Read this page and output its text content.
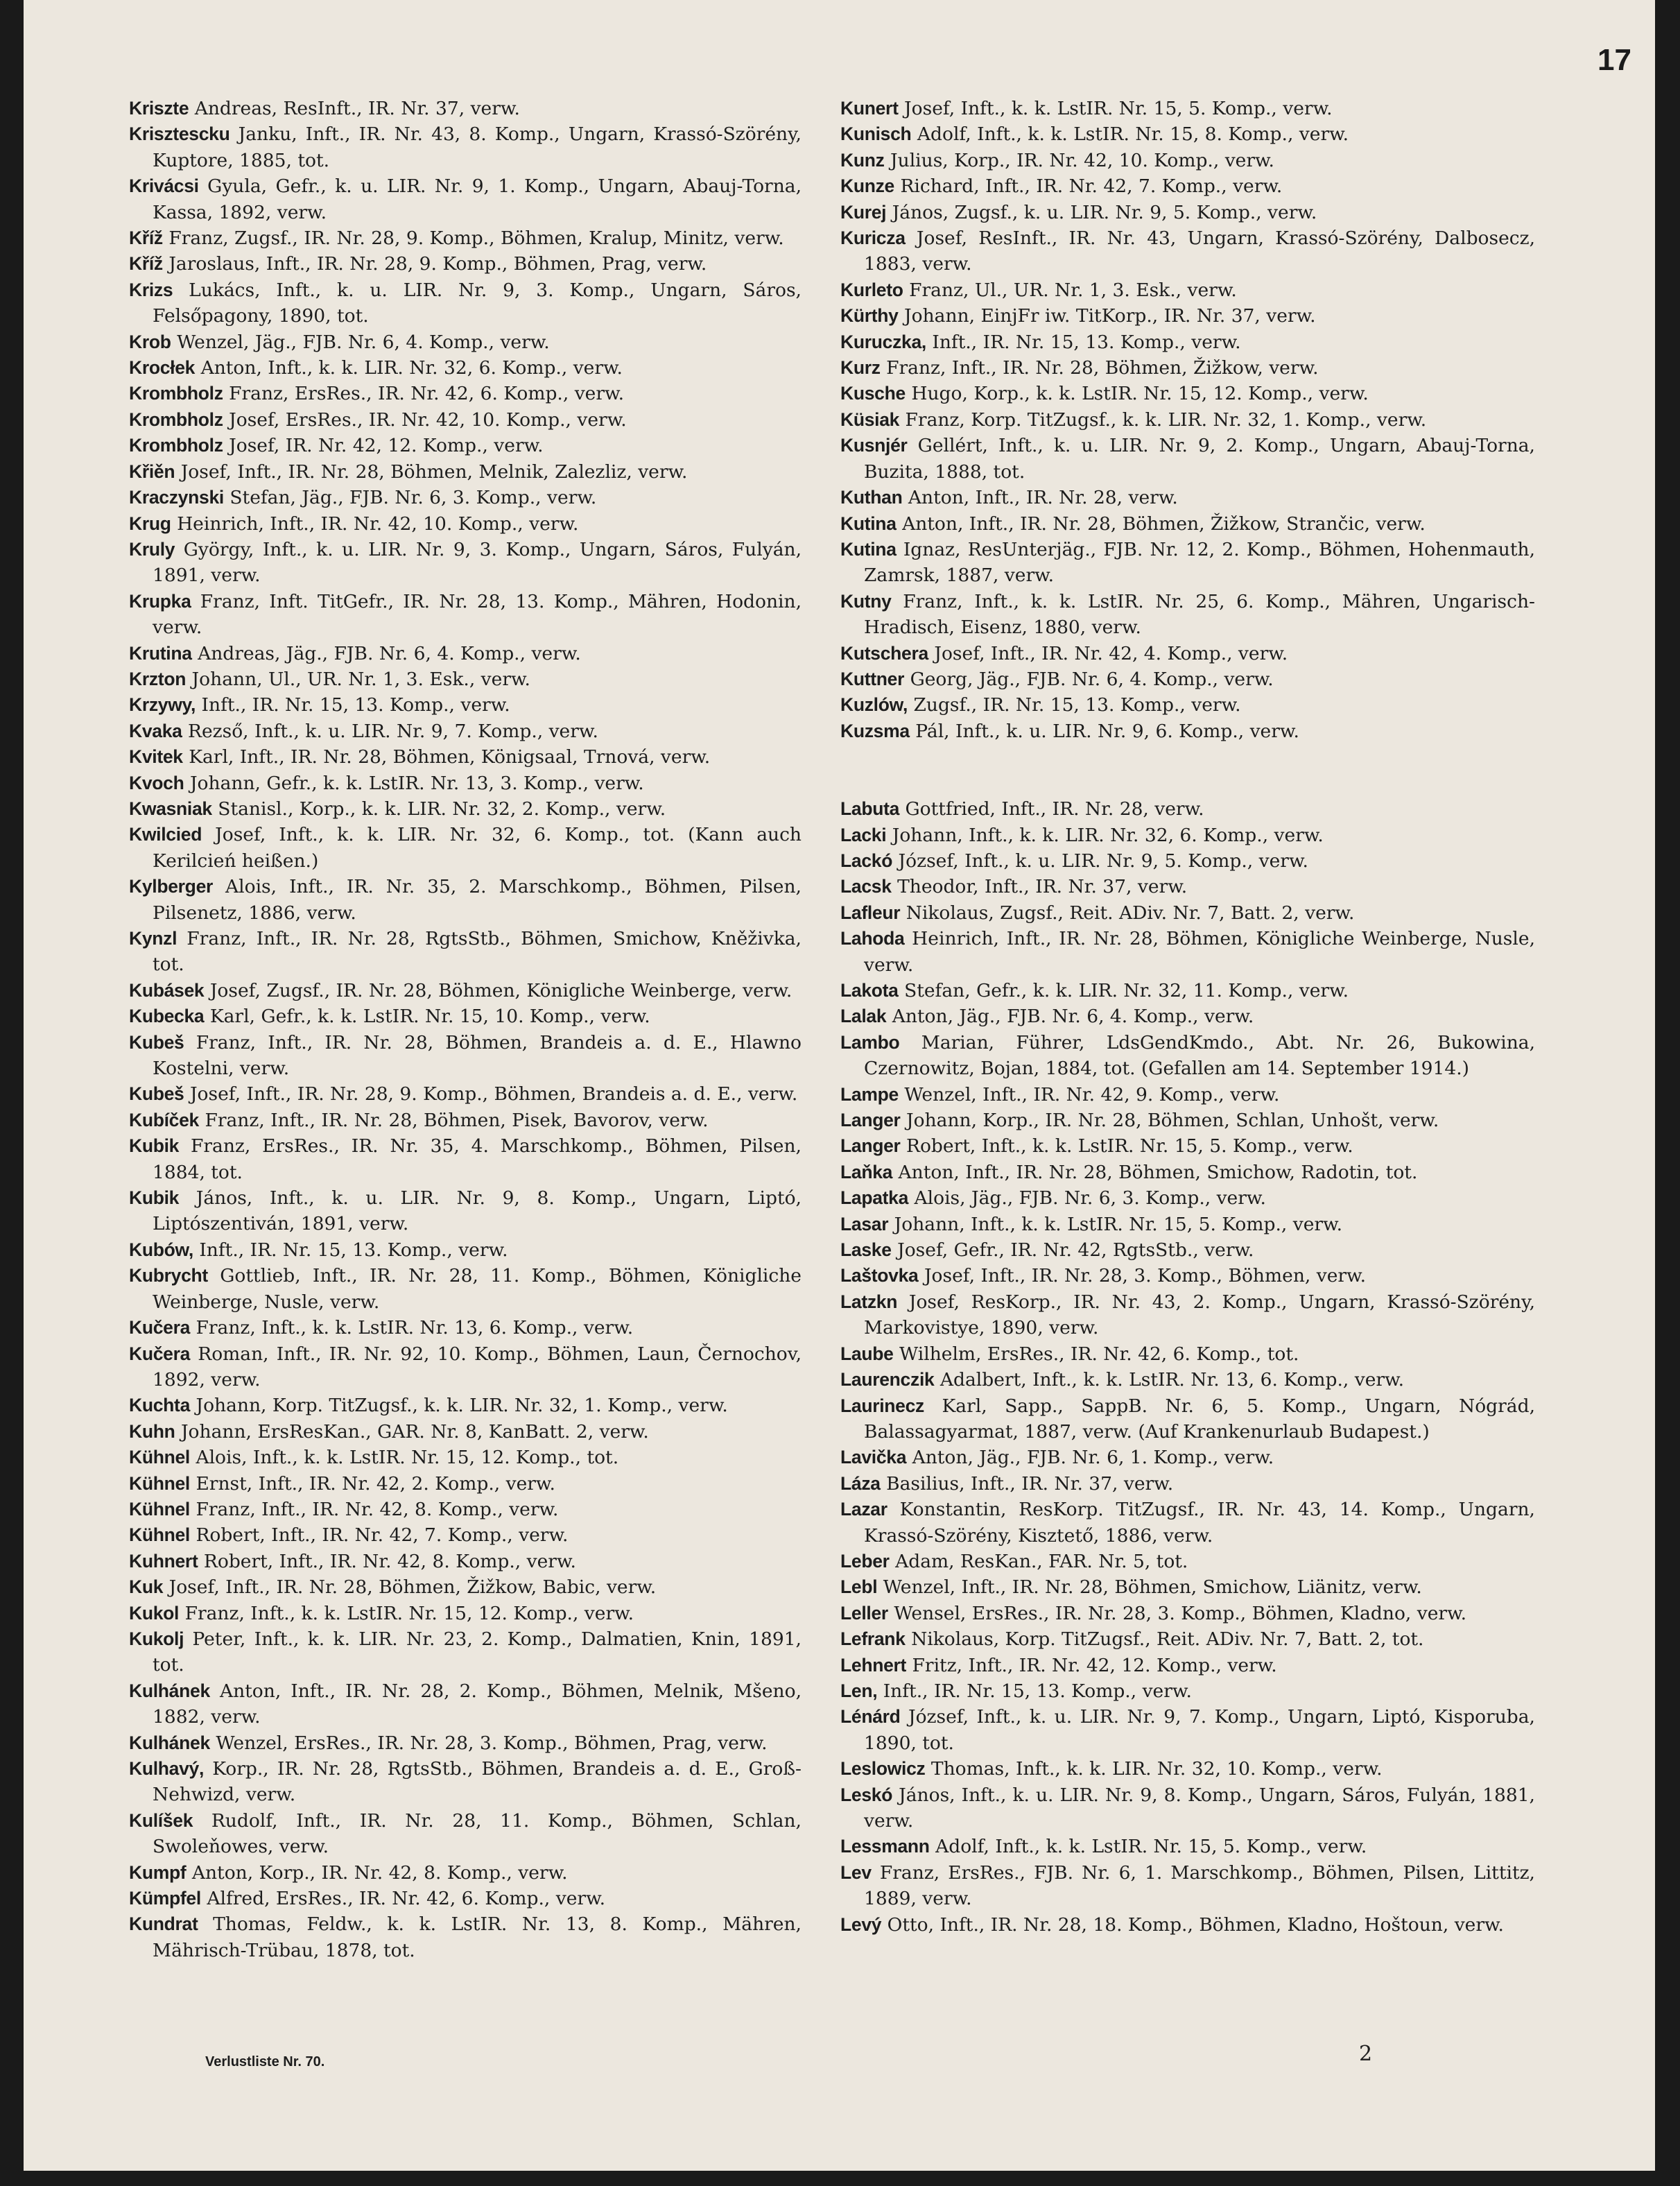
17

Kriszte Andreas, ResInft., IR. Nr. 37, verw.

Krisztescku Janku, Inft., IR. Nr. 43, 8. Komp., Ungarn, Krassó-Szörény, Kuptore, 1885, tot.

Krivácsi Gyula, Gefr., k. u. LIR. Nr. 9, 1. Komp., Ungarn, Abauj-Torna, Kassa, 1892, verw.

Kříž Franz, Zugsf., IR. Nr. 28, 9. Komp., Böhmen, Kralup, Minitz, verw.

Kříž Jaroslaus, Inft., IR. Nr. 28, 9. Komp., Böhmen, Prag, verw.

Krizs Lukács, Inft., k. u. LIR. Nr. 9, 3. Komp., Ungarn, Sáros, Felsőpagony, 1890, tot.

Krob Wenzel, Jäg., FJB. Nr. 6, 4. Komp., verw.

Krocłek Anton, Inft., k. k. LIR. Nr. 32, 6. Komp., verw.

Krombholz Franz, ErsRes., IR. Nr. 42, 6. Komp., verw.

Krombholz Josef, ErsRes., IR. Nr. 42, 10. Komp., verw.

Krombholz Josef, IR. Nr. 42, 12. Komp., verw.

Křiěn Josef, Inft., IR. Nr. 28, Böhmen, Melnik, Zalezliz, verw.

Kraczynski Stefan, Jäg., FJB. Nr. 6, 3. Komp., verw.

Krug Heinrich, Inft., IR. Nr. 42, 10. Komp., verw.

Kruly György, Inft., k. u. LIR. Nr. 9, 3. Komp., Ungarn, Sáros, Fulyán, 1891, verw.

Krupka Franz, Inft. TitGefr., IR. Nr. 28, 13. Komp., Mähren, Hodonin, verw.

Krutina Andreas, Jäg., FJB. Nr. 6, 4. Komp., verw.

Krzton Johann, Ul., UR. Nr. 1, 3. Esk., verw.

Krzywy, Inft., IR. Nr. 15, 13. Komp., verw.

Kvaka Rezső, Inft., k. u. LIR. Nr. 9, 7. Komp., verw.

Kvitek Karl, Inft., IR. Nr. 28, Böhmen, Königsaal, Trnová, verw.

Kvoch Johann, Gefr., k. k. LstIR. Nr. 13, 3. Komp., verw.

Kwasniak Stanisl., Korp., k. k. LIR. Nr. 32, 2. Komp., verw.

Kwilcied Josef, Inft., k. k. LIR. Nr. 32, 6. Komp., tot. (Kann auch Kerilcień heißen.)

Kylberger Alois, Inft., IR. Nr. 35, 2. Marschkomp., Böhmen, Pilsen, Pilsenetz, 1886, verw.

Kynzl Franz, Inft., IR. Nr. 28, RgtsStb., Böhmen, Smichow, Kněživka, tot.

Kubásek Josef, Zugsf., IR. Nr. 28, Böhmen, Königliche Weinberge, verw.

Kubecka Karl, Gefr., k. k. LstIR. Nr. 15, 10. Komp., verw.

Kubeš Franz, Inft., IR. Nr. 28, Böhmen, Brandeis a. d. E., Hlawno Kostelni, verw.

Kubeš Josef, Inft., IR. Nr. 28, 9. Komp., Böhmen, Brandeis a. d. E., verw.

Kubíček Franz, Inft., IR. Nr. 28, Böhmen, Pisek, Bavorov, verw.

Kubik Franz, ErsRes., IR. Nr. 35, 4. Marschkomp., Böhmen, Pilsen, 1884, tot.

Kubik János, Inft., k. u. LIR. Nr. 9, 8. Komp., Ungarn, Liptó, Liptószentiván, 1891, verw.

Kubów, Inft., IR. Nr. 15, 13. Komp., verw.

Kubrycht Gottlieb, Inft., IR. Nr. 28, 11. Komp., Böhmen, Königliche Weinberge, Nusle, verw.

Kučera Franz, Inft., k. k. LstIR. Nr. 13, 6. Komp., verw.

Kučera Roman, Inft., IR. Nr. 92, 10. Komp., Böhmen, Laun, Černochov, 1892, verw.

Kuchta Johann, Korp. TitZugsf., k. k. LIR. Nr. 32, 1. Komp., verw.

Kuhn Johann, ErsResKan., GAR. Nr. 8, KanBatt. 2, verw.

Kühnel Alois, Inft., k. k. LstIR. Nr. 15, 12. Komp., tot.

Kühnel Ernst, Inft., IR. Nr. 42, 2. Komp., verw.

Kühnel Franz, Inft., IR. Nr. 42, 8. Komp., verw.

Kühnel Robert, Inft., IR. Nr. 42, 7. Komp., verw.

Kuhnert Robert, Inft., IR. Nr. 42, 8. Komp., verw.

Kuk Josef, Inft., IR. Nr. 28, Böhmen, Žižkow, Babic, verw.

Kukol Franz, Inft., k. k. LstIR. Nr. 15, 12. Komp., verw.

Kukolj Peter, Inft., k. k. LIR. Nr. 23, 2. Komp., Dalmatien, Knin, 1891, tot.

Kulhánek Anton, Inft., IR. Nr. 28, 2. Komp., Böhmen, Melnik, Mšeno, 1882, verw.

Kulhánek Wenzel, ErsRes., IR. Nr. 28, 3. Komp., Böhmen, Prag, verw.

Kulhavý, Korp., IR. Nr. 28, RgtsStb., Böhmen, Brandeis a. d. E., Groß-Nehwizd, verw.

Kulíšek Rudolf, Inft., IR. Nr. 28, 11. Komp., Böhmen, Schlan, Swoleňowes, verw.

Kumpf Anton, Korp., IR. Nr. 42, 8. Komp., verw.

Kümpfel Alfred, ErsRes., IR. Nr. 42, 6. Komp., verw.

Kundrat Thomas, Feldw., k. k. LstIR. Nr. 13, 8. Komp., Mähren, Mährisch-Trübau, 1878, tot.

Kunert Josef, Inft., k. k. LstIR. Nr. 15, 5. Komp., verw.

Kunisch Adolf, Inft., k. k. LstIR. Nr. 15, 8. Komp., verw.

Kunz Julius, Korp., IR. Nr. 42, 10. Komp., verw.

Kunze Richard, Inft., IR. Nr. 42, 7. Komp., verw.

Kurej János, Zugsf., k. u. LIR. Nr. 9, 5. Komp., verw.

Kuricza Josef, ResInft., IR. Nr. 43, Ungarn, Krassó-Szörény, Dalbosecz, 1883, verw.

Kurleto Franz, Ul., UR. Nr. 1, 3. Esk., verw.

Kürthy Johann, EinjFr iw. TitKorp., IR. Nr. 37, verw.

Kuruczka, Inft., IR. Nr. 15, 13. Komp., verw.

Kurz Franz, Inft., IR. Nr. 28, Böhmen, Žižkow, verw.

Kusche Hugo, Korp., k. k. LstIR. Nr. 15, 12. Komp., verw.

Küsiak Franz, Korp. TitZugsf., k. k. LIR. Nr. 32, 1. Komp., verw.

Kusnjér Gellért, Inft., k. u. LIR. Nr. 9, 2. Komp., Ungarn, Abauj-Torna, Buzita, 1888, tot.

Kuthan Anton, Inft., IR. Nr. 28, verw.

Kutina Anton, Inft., IR. Nr. 28, Böhmen, Žižkow, Strančic, verw.

Kutina Ignaz, ResUnterjäg., FJB. Nr. 12, 2. Komp., Böhmen, Hohenmauth, Zamrsk, 1887, verw.

Kutny Franz, Inft., k. k. LstIR. Nr. 25, 6. Komp., Mähren, Ungarisch-Hradisch, Eisenz, 1880, verw.

Kutschera Josef, Inft., IR. Nr. 42, 4. Komp., verw.

Kuttner Georg, Jäg., FJB. Nr. 6, 4. Komp., verw.

Kuzlów, Zugsf., IR. Nr. 15, 13. Komp., verw.

Kuzsma Pál, Inft., k. u. LIR. Nr. 9, 6. Komp., verw.

Labuta Gottfried, Inft., IR. Nr. 28, verw.

Lacki Johann, Inft., k. k. LIR. Nr. 32, 6. Komp., verw.

Lackó József, Inft., k. u. LIR. Nr. 9, 5. Komp., verw.

Lacsk Theodor, Inft., IR. Nr. 37, verw.

Lafleur Nikolaus, Zugsf., Reit. ADiv. Nr. 7, Batt. 2, verw.

Lahoda Heinrich, Inft., IR. Nr. 28, Böhmen, Königliche Weinberge, Nusle, verw.

Lakota Stefan, Gefr., k. k. LIR. Nr. 32, 11. Komp., verw.

Lalak Anton, Jäg., FJB. Nr. 6, 4. Komp., verw.

Lambo Marian, Führer, LdsGendKmdo., Abt. Nr. 26, Bukowina, Czernowitz, Bojan, 1884, tot. (Gefallen am 14. September 1914.)

Lampe Wenzel, Inft., IR. Nr. 42, 9. Komp., verw.

Langer Johann, Korp., IR. Nr. 28, Böhmen, Schlan, Unhošt, verw.

Langer Robert, Inft., k. k. LstIR. Nr. 15, 5. Komp., verw.

Laňka Anton, Inft., IR. Nr. 28, Böhmen, Smichow, Radotin, tot.

Lapatka Alois, Jäg., FJB. Nr. 6, 3. Komp., verw.

Lasar Johann, Inft., k. k. LstIR. Nr. 15, 5. Komp., verw.

Laske Josef, Gefr., IR. Nr. 42, RgtsStb., verw.

Laštovka Josef, Inft., IR. Nr. 28, 3. Komp., Böhmen, verw.

Latzkn Josef, ResKorp., IR. Nr. 43, 2. Komp., Ungarn, Krassó-Szörény, Markovistye, 1890, verw.

Laube Wilhelm, ErsRes., IR. Nr. 42, 6. Komp., tot.

Laurenczik Adalbert, Inft., k. k. LstIR. Nr. 13, 6. Komp., verw.

Laurinecz Karl, Sapp., SappB. Nr. 6, 5. Komp., Ungarn, Nógrád, Balassagyarmat, 1887, verw. (Auf Krankenurlaub Budapest.)

Lavička Anton, Jäg., FJB. Nr. 6, 1. Komp., verw.

Láza Basilius, Inft., IR. Nr. 37, verw.

Lazar Konstantin, ResKorp. TitZugsf., IR. Nr. 43, 14. Komp., Ungarn, Krassó-Szörény, Kisztető, 1886, verw.

Leber Adam, ResKan., FAR. Nr. 5, tot.

Lebl Wenzel, Inft., IR. Nr. 28, Böhmen, Smichow, Liänitz, verw.

Leller Wensel, ErsRes., IR. Nr. 28, 3. Komp., Böhmen, Kladno, verw.

Lefrank Nikolaus, Korp. TitZugsf., Reit. ADiv. Nr. 7, Batt. 2, tot.

Lehnert Fritz, Inft., IR. Nr. 42, 12. Komp., verw.

Len, Inft., IR. Nr. 15, 13. Komp., verw.

Lénárd József, Inft., k. u. LIR. Nr. 9, 7. Komp., Ungarn, Liptó, Kisporuba, 1890, tot.

Leslowicz Thomas, Inft., k. k. LIR. Nr. 32, 10. Komp., verw.

Leskó János, Inft., k. u. LIR. Nr. 9, 8. Komp., Ungarn, Sáros, Fulyán, 1881, verw.

Lessmann Adolf, Inft., k. k. LstIR. Nr. 15, 5. Komp., verw.

Lev Franz, ErsRes., FJB. Nr. 6, 1. Marschkomp., Böhmen, Pilsen, Littitz, 1889, verw.

Levý Otto, Inft., IR. Nr. 28, 18. Komp., Böhmen, Kladno, Hoštoun, verw.

Verlustliste Nr. 70.	2
